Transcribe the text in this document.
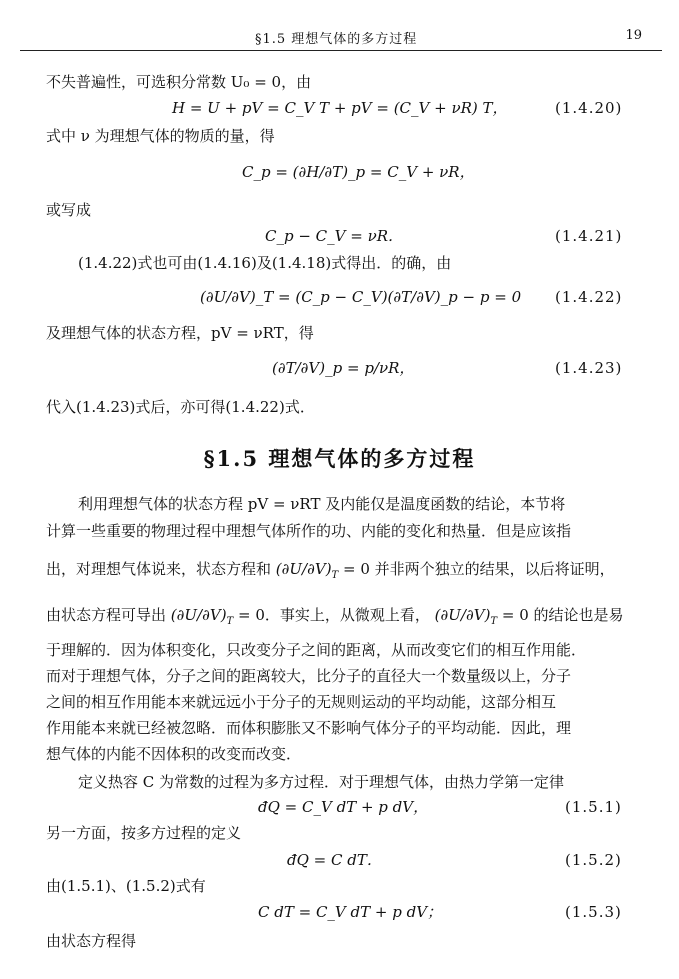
§1.5 理想气体的多方过程	19
不失普遍性，可选积分常数 U₀ = 0，由
H = U + pV = C_V T + pV = (C_V + νR) T，	(1.4.20)
式中 ν 为理想气体的物质的量，得
C_p = (∂H/∂T)_p = C_V + νR，
或写成
C_p − C_V = νR．	(1.4.21)
(1.4.22)式也可由(1.4.16)及(1.4.18)式得出．的确，由
(∂U/∂V)_T = (C_p − C_V)(∂T/∂V)_p − p = 0 (1.4.22)
及理想气体的状态方程，pV = νRT，得
(∂T/∂V)_p = p/νR，	(1.4.23)
代入(1.4.23)式后，亦可得(1.4.22)式．
§1.5 理想气体的多方过程
利用理想气体的状态方程 pV = νRT 及内能仅是温度函数的结论，本节将
计算一些重要的物理过程中理想气体所作的功、内能的变化和热量．但是应该指
出，对理想气体说来，状态方程和 $(\partial U/\partial V)_T = 0$ 并非两个独立的结果，以后将证明，
由状态方程可导出 $(\partial U/\partial V)_T = 0$．事实上，从微观上看， $(\partial U/\partial V)_T = 0$ 的结论也是易
于理解的．因为体积变化，只改变分子之间的距离，从而改变它们的相互作用能．
而对于理想气体，分子之间的距离较大，比分子的直径大一个数量级以上，分子
之间的相互作用能本来就远远小于分子的无规则运动的平均动能，这部分相互
作用能本来就已经被忽略．而体积膨胀又不影响气体分子的平均动能．因此，理
想气体的内能不因体积的改变而改变．
定义热容 C 为常数的过程为多方过程．对于理想气体，由热力学第一定律
đQ = C_V dT + p dV，	(1.5.1)
另一方面，按多方过程的定义
đQ = C dT．	(1.5.2)
由(1.5.1)、(1.5.2)式有
C dT = C_V dT + p dV；	(1.5.3)
由状态方程得
